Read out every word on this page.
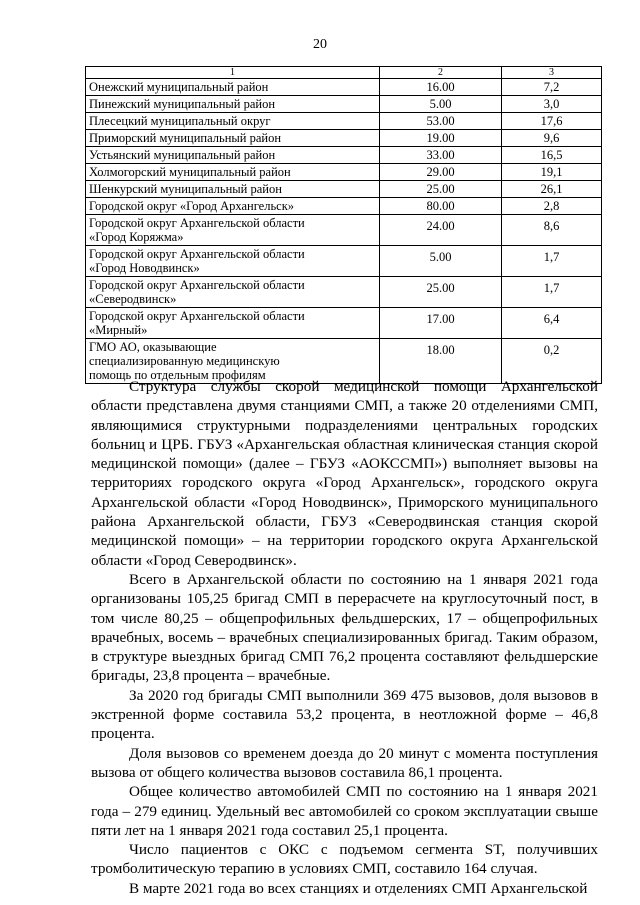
20
1	2	3
Онежский муниципальный район	16.00	7,2
Пинежский муниципальный район	5.00	3,0
Плесецкий муниципальный округ	53.00	17,6
Приморский муниципальный район	19.00	9,6
Устьянский муниципальный район	33.00	16,5
Холмогорский муниципальный район	29.00	19,1
Шенкурский муниципальный район	25.00	26,1
Городской округ «Город Архангельск»	80.00	2,8

Городской округ Архангельской области
«Город Коряжма»	24.00	8,6

Городской округ Архангельской области
«Город Новодвинск»	5.00	1,7

Городской округ Архангельской области
«Северодвинск»	25.00	1,7

Городской округ Архангельской области
«Мирный»	17.00	6,4

ГМО АО, оказывающие
специализированную медицинскую
помощь по отдельным профилям	18.00	0,2

Структура службы скорой медицинской помощи Архангельской области представлена двумя станциями СМП, а также 20 отделениями СМП, являющимися структурными подразделениями центральных городских больниц и ЦРБ. ГБУЗ «Архангельская областная клиническая станция скорой медицинской помощи» (далее – ГБУЗ «АОКССМП») выполняет вызовы на территориях городского округа «Город Архангельск», городского округа Архангельской области «Город Новодвинск», Приморского муниципального района Архангельской области, ГБУЗ «Северодвинская станция скорой медицинской помощи» – на территории городского округа Архангельской области «Город Северодвинск».

Всего в Архангельской области по состоянию на 1 января 2021 года организованы 105,25 бригад СМП в перерасчете на круглосуточный пост, в том числе 80,25 – общепрофильных фельдшерских, 17 – общепрофильных врачебных, восемь – врачебных специализированных бригад. Таким образом, в структуре выездных бригад СМП 76,2 процента составляют фельдшерские бригады, 23,8 процента – врачебные.

За 2020 год бригады СМП выполнили 369 475 вызовов, доля вызовов в экстренной форме составила 53,2 процента, в неотложной форме – 46,8 процента.

Доля вызовов со временем доезда до 20 минут с момента поступления вызова от общего количества вызовов составила 86,1 процента.

Общее количество автомобилей СМП по состоянию на 1 января 2021 года – 279 единиц. Удельный вес автомобилей со сроком эксплуатации свыше пяти лет на 1 января 2021 года составил 25,1 процента.

Число пациентов с ОКС с подъемом сегмента ST, получивших тромболитическую терапию в условиях СМП, составило 164 случая.

В марте 2021 года во всех станциях и отделениях СМП Архангельской
